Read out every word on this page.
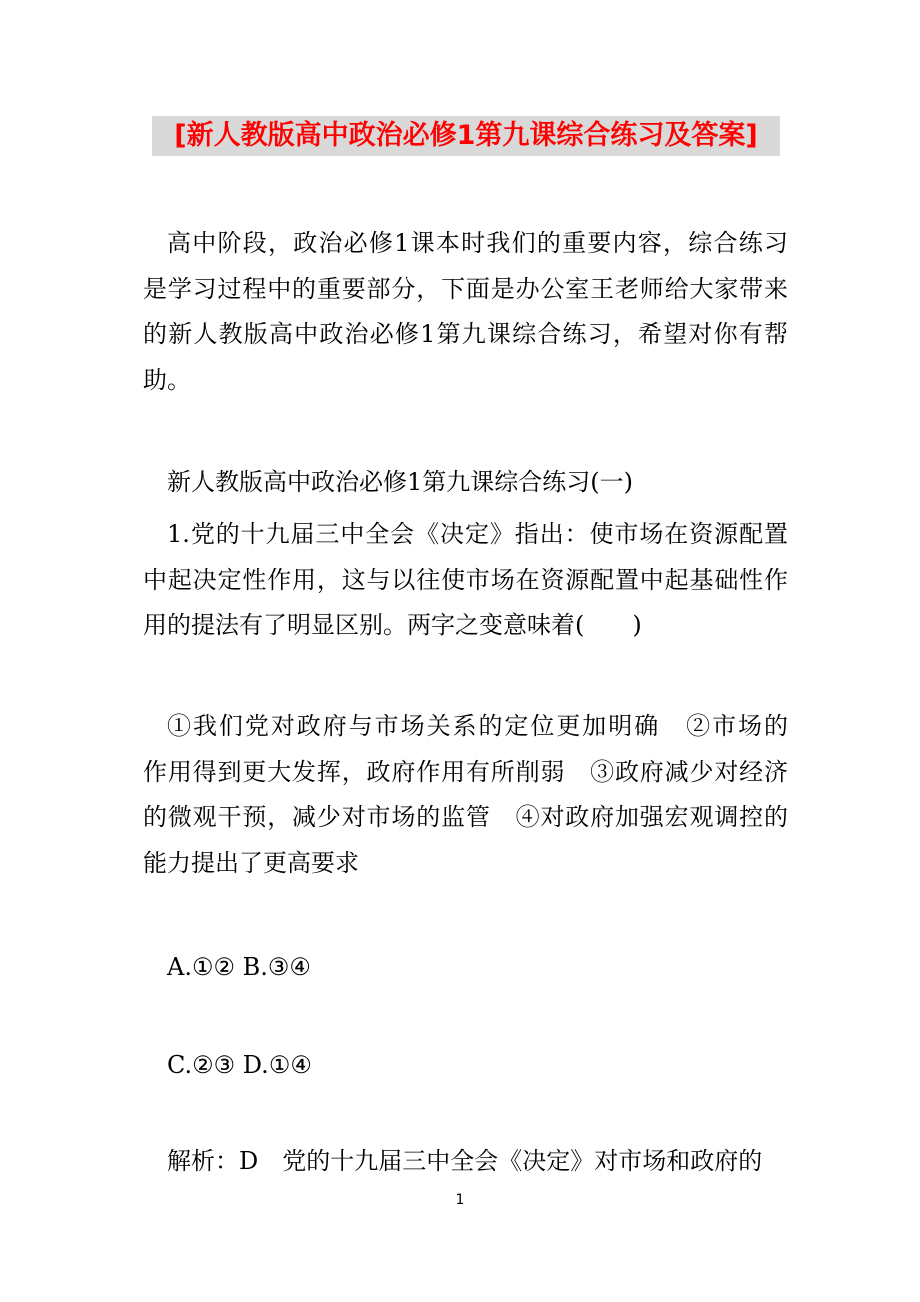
[新人教版高中政治必修1第九课综合练习及答案]
高中阶段，政治必修1课本时我们的重要内容，综合练习
是学习过程中的重要部分，下面是办公室王老师给大家带来
的新人教版高中政治必修1第九课综合练习，希望对你有帮
助。
新人教版高中政治必修1第九课综合练习(一)
1.党的十九届三中全会《决定》指出：使市场在资源配置
中起决定性作用，这与以往使市场在资源配置中起基础性作
用的提法有了明显区别。两字之变意味着(　　)
①我们党对政府与市场关系的定位更加明确　②市场的
作用得到更大发挥，政府作用有所削弱　③政府减少对经济
的微观干预，减少对市场的监管　④对政府加强宏观调控的
能力提出了更高要求
A.①② B.③④
C.②③ D.①④
解析：D　党的十九届三中全会《决定》对市场和政府的
1
